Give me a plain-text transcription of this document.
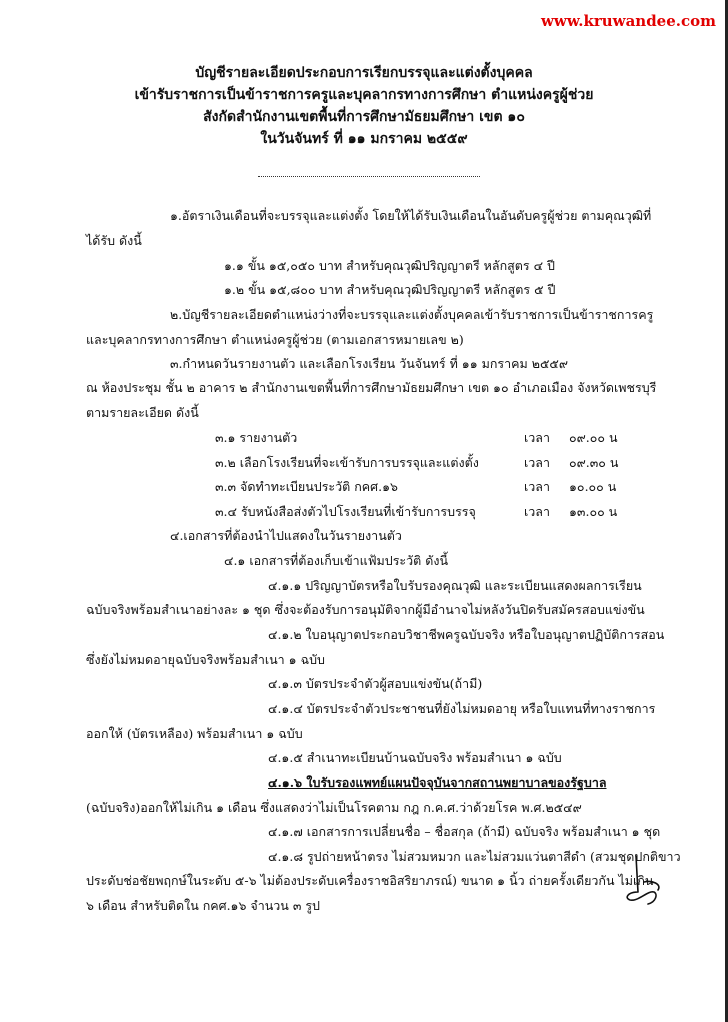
www.kruwandee.com
บัญชีรายละเอียดประกอบการเรียกบรรจุและแต่งตั้งบุคคล
เข้ารับราชการเป็นข้าราชการครูและบุคลากรทางการศึกษา ตำแหน่งครูผู้ช่วย
สังกัดสำนักงานเขตพื้นที่การศึกษามัธยมศึกษา เขต ๑๐
ในวันจันทร์ ที่ ๑๑ มกราคม ๒๕๕๙
๑.อัตราเงินเดือนที่จะบรรจุและแต่งตั้ง โดยให้ได้รับเงินเดือนในอันดับครูผู้ช่วย ตามคุณวุฒิที่
ได้รับ ดังนี้
๑.๑ ขั้น ๑๕,๐๕๐ บาท สำหรับคุณวุฒิปริญญาตรี หลักสูตร ๔ ปี
๑.๒ ขั้น ๑๕,๘๐๐ บาท สำหรับคุณวุฒิปริญญาตรี หลักสูตร ๕ ปี
๒.บัญชีรายละเอียดตำแหน่งว่างที่จะบรรจุและแต่งตั้งบุคคลเข้ารับราชการเป็นข้าราชการครู
และบุคลากรทางการศึกษา ตำแหน่งครูผู้ช่วย (ตามเอกสารหมายเลข ๒)
๓.กำหนดวันรายงานตัว และเลือกโรงเรียน วันจันทร์ ที่ ๑๑ มกราคม ๒๕๕๙
ณ ห้องประชุม ชั้น ๒ อาคาร ๒ สำนักงานเขตพื้นที่การศึกษามัธยมศึกษา เขต ๑๐ อำเภอเมือง จังหวัดเพชรบุรี
ตามรายละเอียด ดังนี้
๓.๑ รายงานตัว	เวลา ๐๙.๐๐ น
๓.๒ เลือกโรงเรียนที่จะเข้ารับการบรรจุและแต่งตั้ง	เวลา ๐๙.๓๐ น
๓.๓ จัดทำทะเบียนประวัติ กคศ.๑๖	เวลา ๑๐.๐๐ น
๓.๔ รับหนังสือส่งตัวไปโรงเรียนที่เข้ารับการบรรจุ	เวลา ๑๓.๐๐ น
๔.เอกสารที่ต้องนำไปแสดงในวันรายงานตัว
๔.๑ เอกสารที่ต้องเก็บเข้าแฟ้มประวัติ ดังนี้
๔.๑.๑ ปริญญาบัตรหรือใบรับรองคุณวุฒิ และระเบียนแสดงผลการเรียน
ฉบับจริงพร้อมสำเนาอย่างละ ๑ ชุด ซึ่งจะต้องรับการอนุมัติจากผู้มีอำนาจไม่หลังวันปิดรับสมัครสอบแข่งขัน
๔.๑.๒ ใบอนุญาตประกอบวิชาชีพครูฉบับจริง หรือใบอนุญาตปฏิบัติการสอน
ซึ่งยังไม่หมดอายุฉบับจริงพร้อมสำเนา ๑ ฉบับ
๔.๑.๓ บัตรประจำตัวผู้สอบแข่งขัน(ถ้ามี)
๔.๑.๔ บัตรประจำตัวประชาชนที่ยังไม่หมดอายุ หรือใบแทนที่ทางราชการ
ออกให้ (บัตรเหลือง) พร้อมสำเนา ๑ ฉบับ
๔.๑.๕ สำเนาทะเบียนบ้านฉบับจริง พร้อมสำเนา ๑ ฉบับ
๔.๑.๖ ใบรับรองแพทย์แผนปัจจุบันจากสถานพยาบาลของรัฐบาล
(ฉบับจริง)ออกให้ไม่เกิน ๑ เดือน ซึ่งแสดงว่าไม่เป็นโรคตาม กฎ ก.ค.ศ.ว่าด้วยโรค พ.ศ.๒๕๔๙
๔.๑.๗ เอกสารการเปลี่ยนชื่อ – ชื่อสกุล (ถ้ามี) ฉบับจริง พร้อมสำเนา ๑ ชุด
๔.๑.๘ รูปถ่ายหน้าตรง ไม่สวมหมวก และไม่สวมแว่นตาสีดำ (สวมชุดปกติขาว
ประดับช่อชัยพฤกษ์ในระดับ ๕-๖ ไม่ต้องประดับเครื่องราชอิสริยาภรณ์) ขนาด ๑ นิ้ว ถ่ายครั้งเดียวกัน ไม่เกิน
๖ เดือน สำหรับติดใน กคศ.๑๖ จำนวน ๓ รูป
